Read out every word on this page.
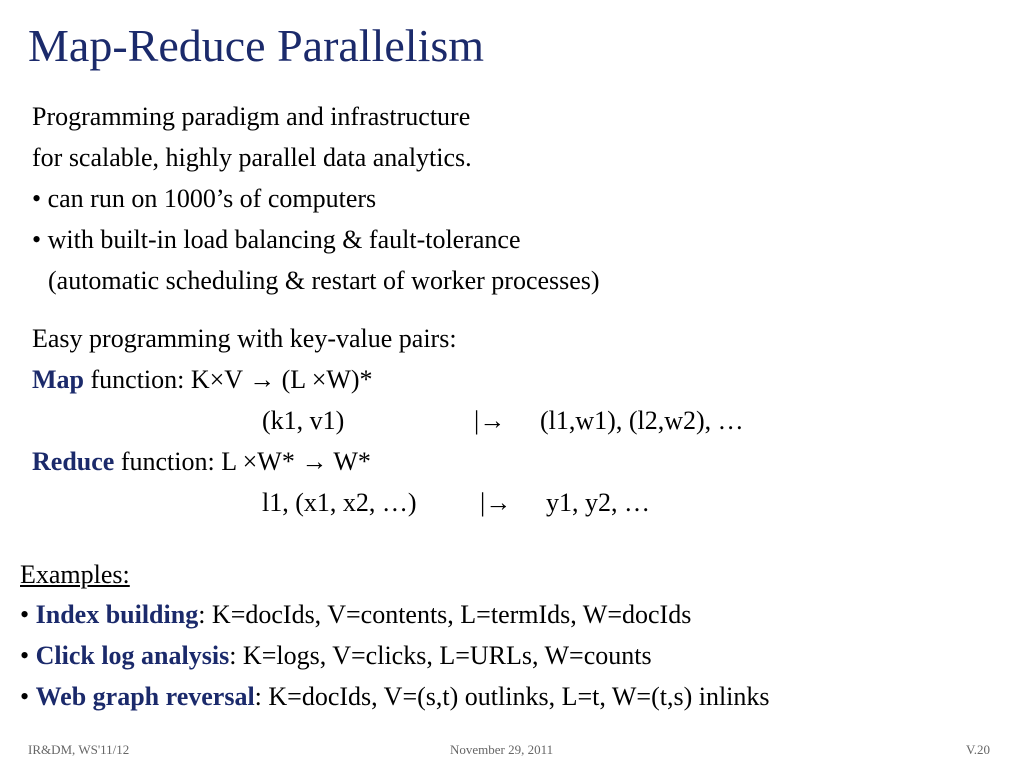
Map-Reduce Parallelism
Programming paradigm and infrastructure
for scalable, highly parallel data analytics.
• can run on 1000’s of computers
• with built-in load balancing & fault-tolerance
(automatic scheduling & restart of worker processes)
Easy programming with key-value pairs:
Map function: K×V → (L ×W)*
(k1, v1)	|→ (l1,w1), (l2,w2), …
Reduce function: L ×W* → W*
l1, (x1, x2, …) |→ y1, y2, …
Examples:
• Index building: K=docIds, V=contents, L=termIds, W=docIds
• Click log analysis: K=logs, V=clicks, L=URLs, W=counts
• Web graph reversal: K=docIds, V=(s,t) outlinks, L=t, W=(t,s) inlinks
IR&DM, WS'11/12	November 29, 2011	V.20
